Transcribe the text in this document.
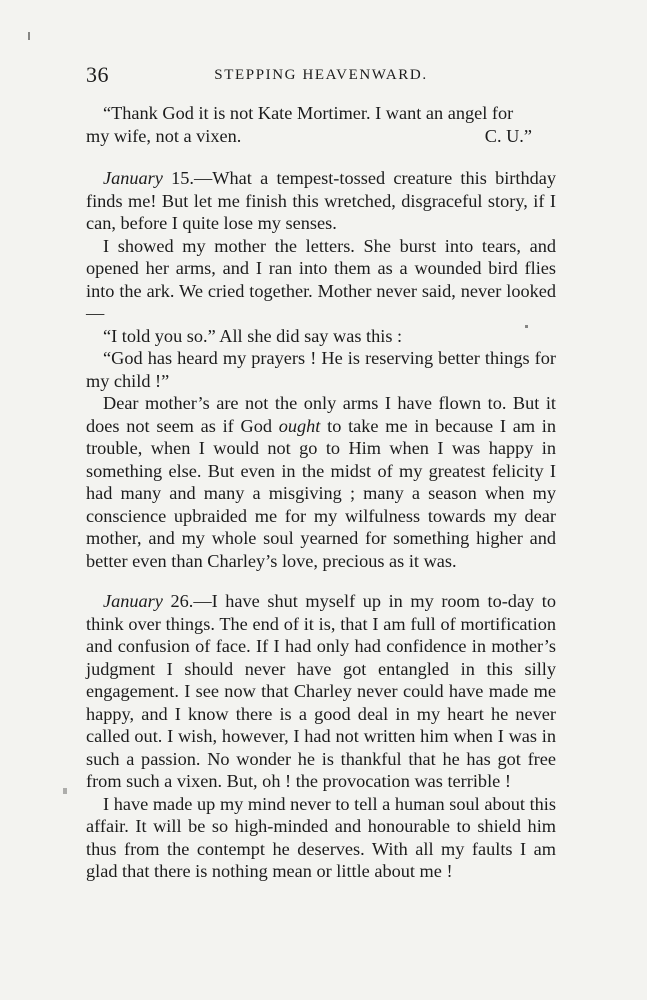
36	STEPPING HEAVENWARD.

“Thank God it is not Kate Mortimer. I want an angel for

my wife, not a vixen.	C. U.”

January 15.—What a tempest-tossed creature this birthday finds me! But let me finish this wretched, disgraceful story, if I can, before I quite lose my senses.

I showed my mother the letters. She burst into tears, and opened her arms, and I ran into them as a wounded bird flies into the ark. We cried together. Mother never said, never looked—

“I told you so.” All she did say was this :

“God has heard my prayers ! He is reserving better things for my child !”

Dear mother’s are not the only arms I have flown to. But it does not seem as if God ought to take me in because I am in trouble, when I would not go to Him when I was happy in something else. But even in the midst of my greatest felicity I had many and many a misgiving ; many a season when my conscience upbraided me for my wilfulness towards my dear mother, and my whole soul yearned for something higher and better even than Charley’s love, precious as it was.

January 26.—I have shut myself up in my room to-day to think over things. The end of it is, that I am full of mortification and confusion of face. If I had only had confidence in mother’s judgment I should never have got entangled in this silly engagement. I see now that Charley never could have made me happy, and I know there is a good deal in my heart he never called out. I wish, however, I had not written him when I was in such a passion. No wonder he is thankful that he has got free from such a vixen. But, oh ! the provocation was terrible !

I have made up my mind never to tell a human soul about this affair. It will be so high-minded and honourable to shield him thus from the contempt he deserves. With all my faults I am glad that there is nothing mean or little about me !
